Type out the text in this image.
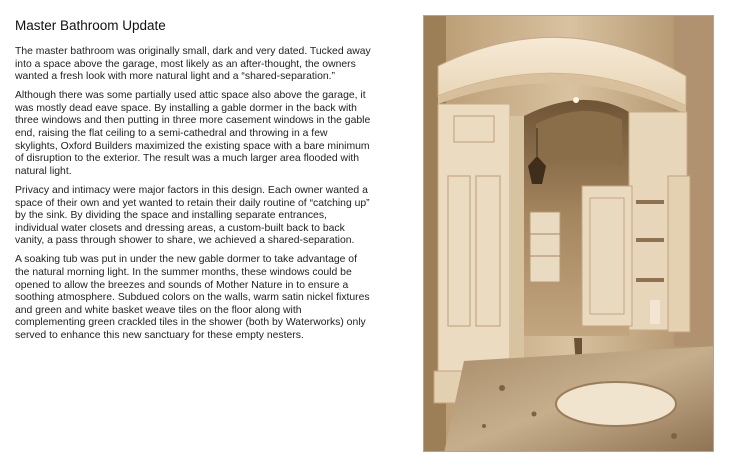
Master Bathroom Update

The master bathroom was originally small, dark and very dated. Tucked away into a space above the garage, most likely as an after-thought, the owners wanted a fresh look with more natural light and a “shared-separation.”

Although there was some partially used attic space also above the garage, it was mostly dead eave space. By installing a gable dormer in the back with three windows and then putting in three more casement windows in the gable end, raising the flat ceiling to a semi-cathedral and throwing in a few skylights, Oxford Builders maximized the existing space with a bare minimum of disruption to the exterior. The result was a much larger area flooded with natural light.

Privacy and intimacy were major factors in this design. Each owner wanted a space of their own and yet wanted to retain their daily routine of “catching up” by the sink. By dividing the space and installing separate entrances, individual water closets and dressing areas, a custom-built back to back vanity, a pass through shower to share, we achieved a shared-separation.

A soaking tub was put in under the new gable dormer to take advantage of the natural morning light. In the summer months, these windows could be opened to allow the breezes and sounds of Mother Nature in to ensure a soothing atmosphere. Subdued colors on the walls, warm satin nickel fixtures and green and white basket weave tiles on the floor along with complementing green crackled tiles in the shower (both by Waterworks) only served to enhance this new sanctuary for these empty nesters.
